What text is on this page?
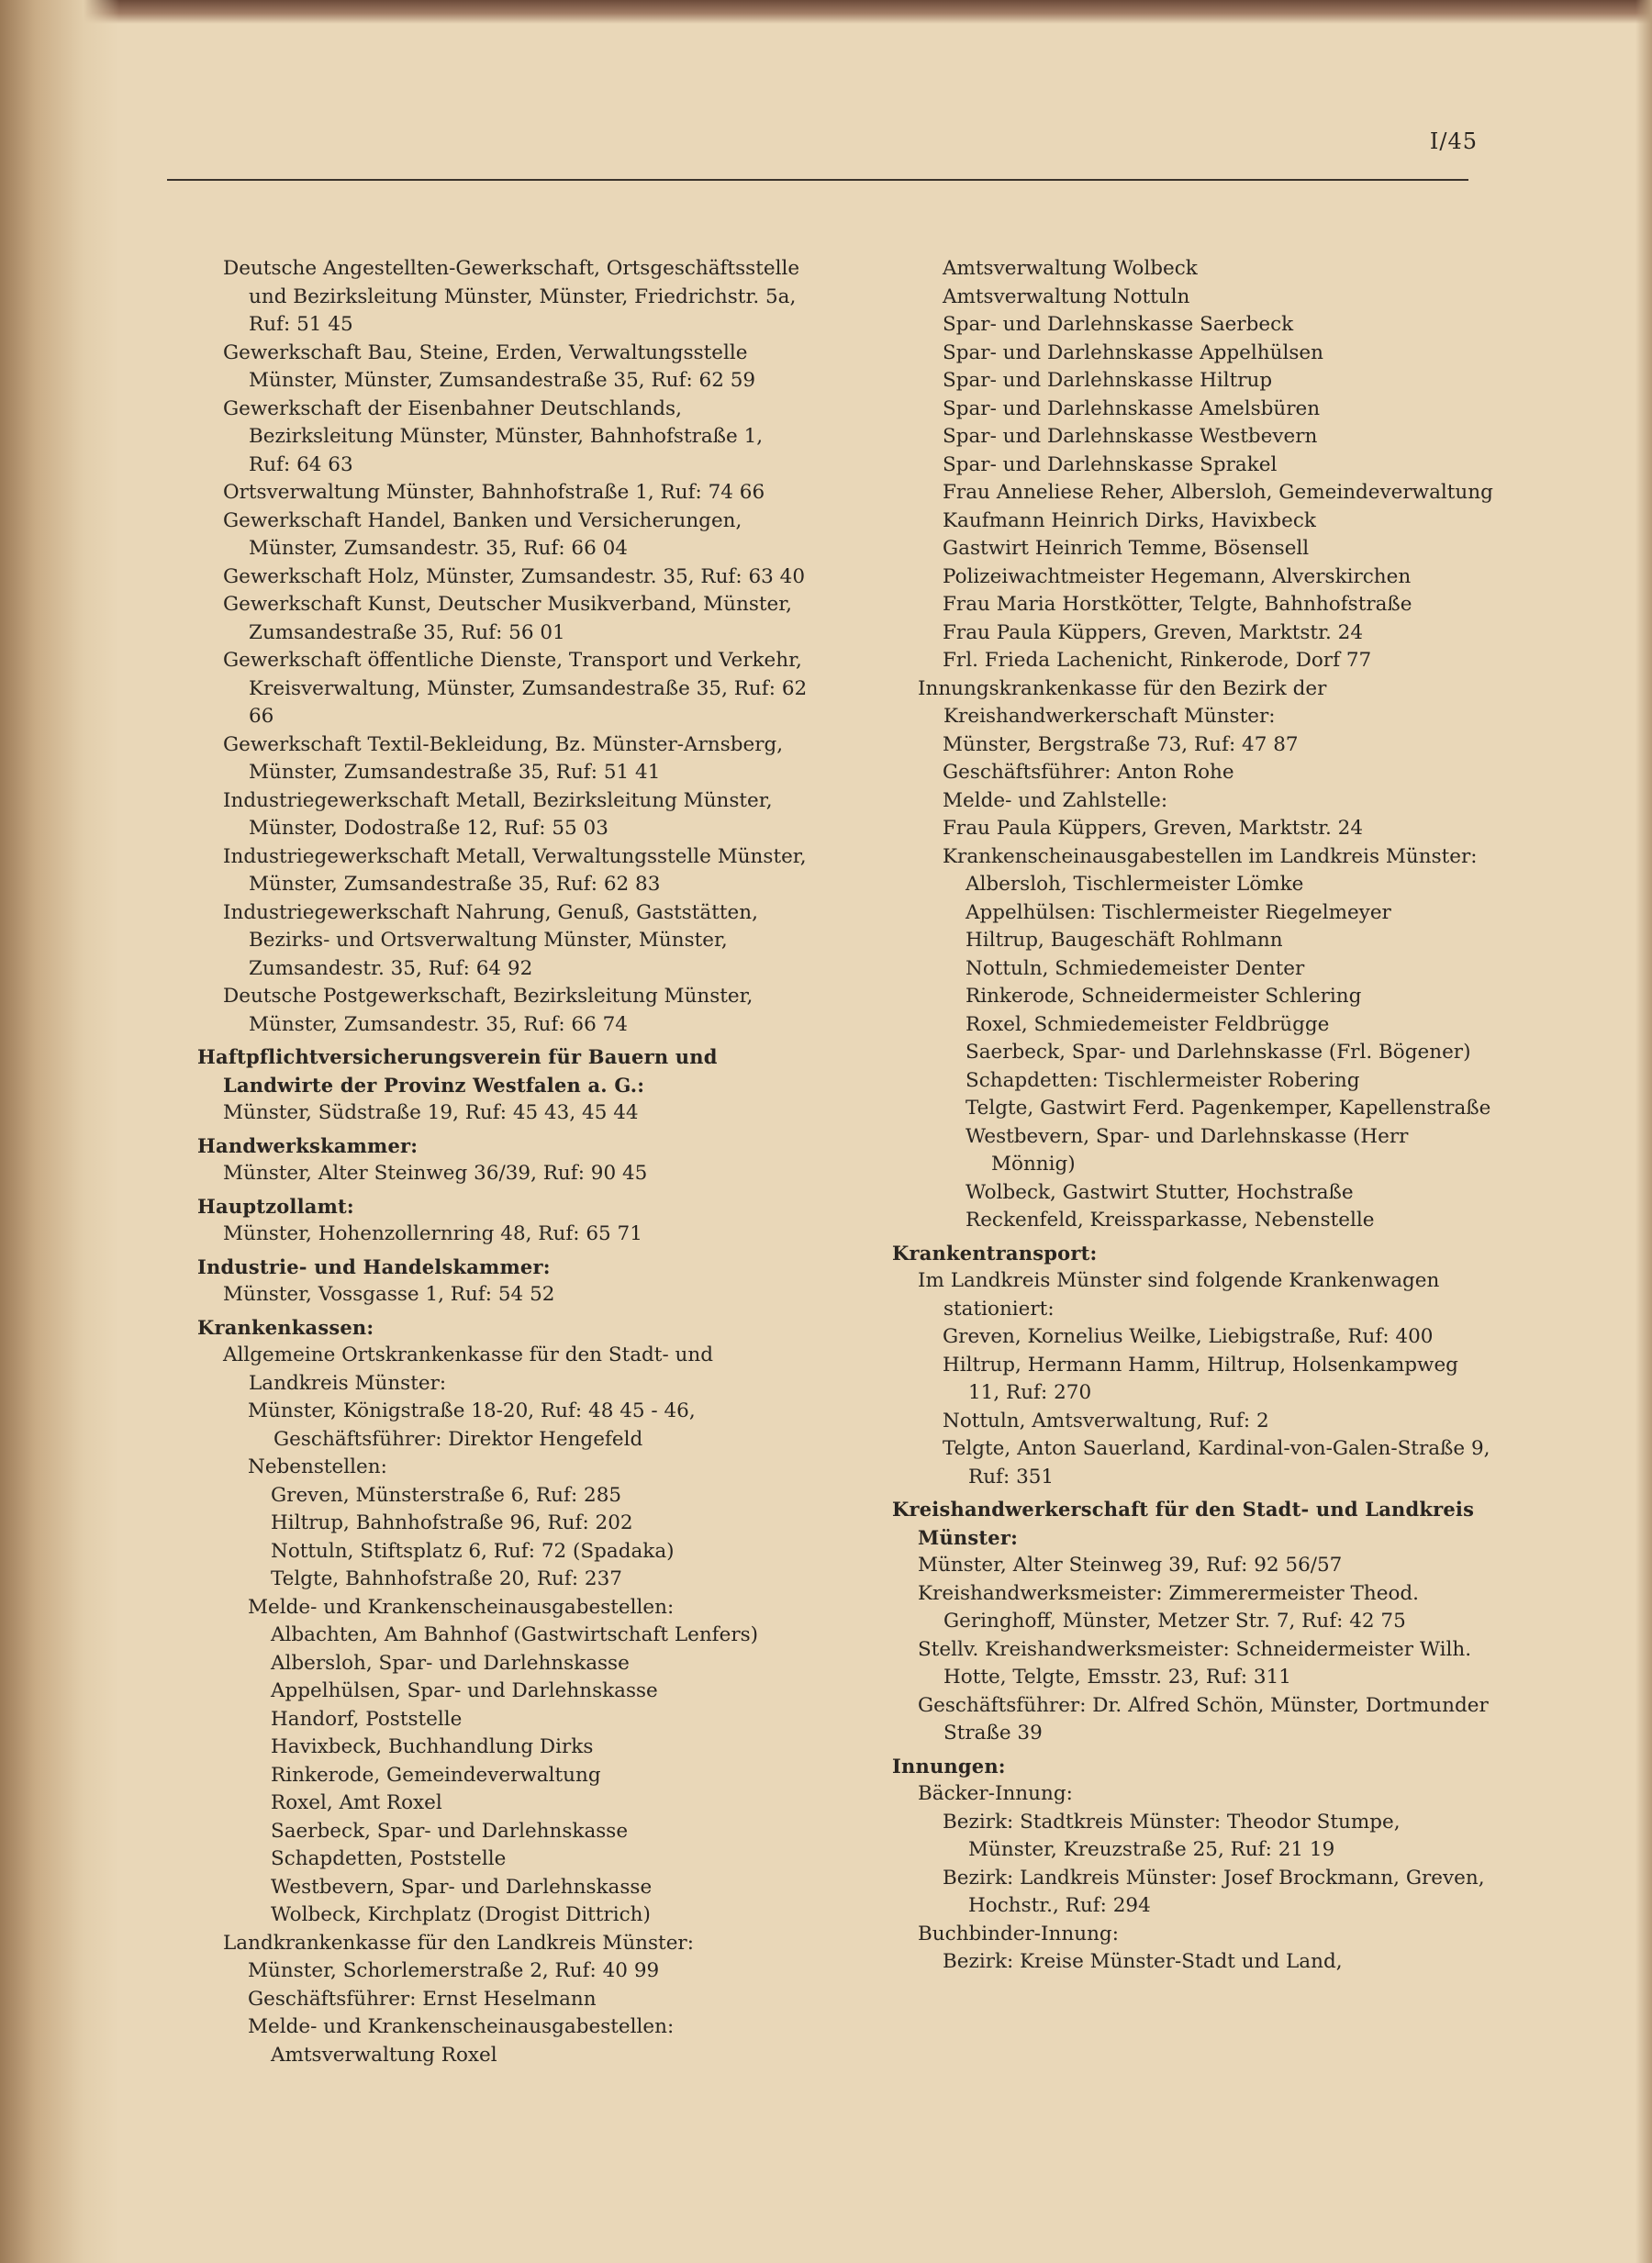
I/45

Deutsche Angestellten-Gewerkschaft, Ortsgeschäftsstelle und Bezirksleitung Münster, Münster, Friedrichstr. 5a, Ruf: 51 45

Gewerkschaft Bau, Steine, Erden, Verwaltungsstelle Münster, Münster, Zumsandestraße 35, Ruf: 62 59

Gewerkschaft der Eisenbahner Deutschlands, Bezirksleitung Münster, Münster, Bahnhofstraße 1, Ruf: 64 63

Ortsverwaltung Münster, Bahnhofstraße 1, Ruf: 74 66

Gewerkschaft Handel, Banken und Versicherungen, Münster, Zumsandestr. 35, Ruf: 66 04

Gewerkschaft Holz, Münster, Zumsandestr. 35, Ruf: 63 40

Gewerkschaft Kunst, Deutscher Musikverband, Münster, Zumsandestraße 35, Ruf: 56 01

Gewerkschaft öffentliche Dienste, Transport und Verkehr, Kreisverwaltung, Münster, Zumsandestraße 35, Ruf: 62 66

Gewerkschaft Textil-Bekleidung, Bz. Münster-Arnsberg, Münster, Zumsandestraße 35, Ruf: 51 41

Industriegewerkschaft Metall, Bezirksleitung Münster, Münster, Dodostraße 12, Ruf: 55 03

Industriegewerkschaft Metall, Verwaltungsstelle Münster, Münster, Zumsandestraße 35, Ruf: 62 83

Industriegewerkschaft Nahrung, Genuß, Gaststätten, Bezirks- und Ortsverwaltung Münster, Münster, Zumsandestr. 35, Ruf: 64 92

Deutsche Postgewerkschaft, Bezirksleitung Münster, Münster, Zumsandestr. 35, Ruf: 66 74

Haftpflichtversicherungsverein für Bauern und Landwirte der Provinz Westfalen a. G.:

Münster, Südstraße 19, Ruf: 45 43, 45 44

Handwerkskammer:

Münster, Alter Steinweg 36/39, Ruf: 90 45

Hauptzollamt:

Münster, Hohenzollernring 48, Ruf: 65 71

Industrie- und Handelskammer:

Münster, Vossgasse 1, Ruf: 54 52

Krankenkassen:

Allgemeine Ortskrankenkasse für den Stadt- und Landkreis Münster:

Münster, Königstraße 18-20, Ruf: 48 45 - 46, Geschäftsführer: Direktor Hengefeld

Nebenstellen:

Greven, Münsterstraße 6, Ruf: 285

Hiltrup, Bahnhofstraße 96, Ruf: 202

Nottuln, Stiftsplatz 6, Ruf: 72 (Spadaka)

Telgte, Bahnhofstraße 20, Ruf: 237

Melde- und Krankenscheinausgabestellen:

Albachten, Am Bahnhof (Gastwirtschaft Lenfers)

Albersloh, Spar- und Darlehnskasse

Appelhülsen, Spar- und Darlehnskasse

Handorf, Poststelle

Havixbeck, Buchhandlung Dirks

Rinkerode, Gemeindeverwaltung

Roxel, Amt Roxel

Saerbeck, Spar- und Darlehnskasse

Schapdetten, Poststelle

Westbevern, Spar- und Darlehnskasse

Wolbeck, Kirchplatz (Drogist Dittrich)

Landkrankenkasse für den Landkreis Münster:

Münster, Schorlemerstraße 2, Ruf: 40 99

Geschäftsführer: Ernst Heselmann

Melde- und Krankenscheinausgabestellen:

Amtsverwaltung Roxel

Amtsverwaltung Wolbeck

Amtsverwaltung Nottuln

Spar- und Darlehnskasse Saerbeck

Spar- und Darlehnskasse Appelhülsen

Spar- und Darlehnskasse Hiltrup

Spar- und Darlehnskasse Amelsbüren

Spar- und Darlehnskasse Westbevern

Spar- und Darlehnskasse Sprakel

Frau Anneliese Reher, Albersloh, Gemeindeverwaltung

Kaufmann Heinrich Dirks, Havixbeck

Gastwirt Heinrich Temme, Bösensell

Polizeiwachtmeister Hegemann, Alverskirchen

Frau Maria Horstkötter, Telgte, Bahnhofstraße

Frau Paula Küppers, Greven, Marktstr. 24

Frl. Frieda Lachenicht, Rinkerode, Dorf 77

Innungskrankenkasse für den Bezirk der Kreishandwerkerschaft Münster:

Münster, Bergstraße 73, Ruf: 47 87

Geschäftsführer: Anton Rohe

Melde- und Zahlstelle:

Frau Paula Küppers, Greven, Marktstr. 24

Krankenscheinausgabestellen im Landkreis Münster:

Albersloh, Tischlermeister Lömke

Appelhülsen: Tischlermeister Riegelmeyer

Hiltrup, Baugeschäft Rohlmann

Nottuln, Schmiedemeister Denter

Rinkerode, Schneidermeister Schlering

Roxel, Schmiedemeister Feldbrügge

Saerbeck, Spar- und Darlehnskasse (Frl. Bögener)

Schapdetten: Tischlermeister Robering

Telgte, Gastwirt Ferd. Pagenkemper, Kapellenstraße

Westbevern, Spar- und Darlehnskasse (Herr Mönnig)

Wolbeck, Gastwirt Stutter, Hochstraße

Reckenfeld, Kreissparkasse, Nebenstelle

Krankentransport:

Im Landkreis Münster sind folgende Krankenwagen stationiert:

Greven, Kornelius Weilke, Liebigstraße, Ruf: 400

Hiltrup, Hermann Hamm, Hiltrup, Holsenkampweg 11, Ruf: 270

Nottuln, Amtsverwaltung, Ruf: 2

Telgte, Anton Sauerland, Kardinal-von-Galen-Straße 9, Ruf: 351

Kreishandwerkerschaft für den Stadt- und Landkreis Münster:

Münster, Alter Steinweg 39, Ruf: 92 56/57

Kreishandwerksmeister: Zimmerermeister Theod. Geringhoff, Münster, Metzer Str. 7, Ruf: 42 75

Stellv. Kreishandwerksmeister: Schneidermeister Wilh. Hotte, Telgte, Emsstr. 23, Ruf: 311

Geschäftsführer: Dr. Alfred Schön, Münster, Dortmunder Straße 39

Innungen:

Bäcker-Innung:

Bezirk: Stadtkreis Münster: Theodor Stumpe, Münster, Kreuzstraße 25, Ruf: 21 19

Bezirk: Landkreis Münster: Josef Brockmann, Greven, Hochstr., Ruf: 294

Buchbinder-Innung:

Bezirk: Kreise Münster-Stadt und Land,
